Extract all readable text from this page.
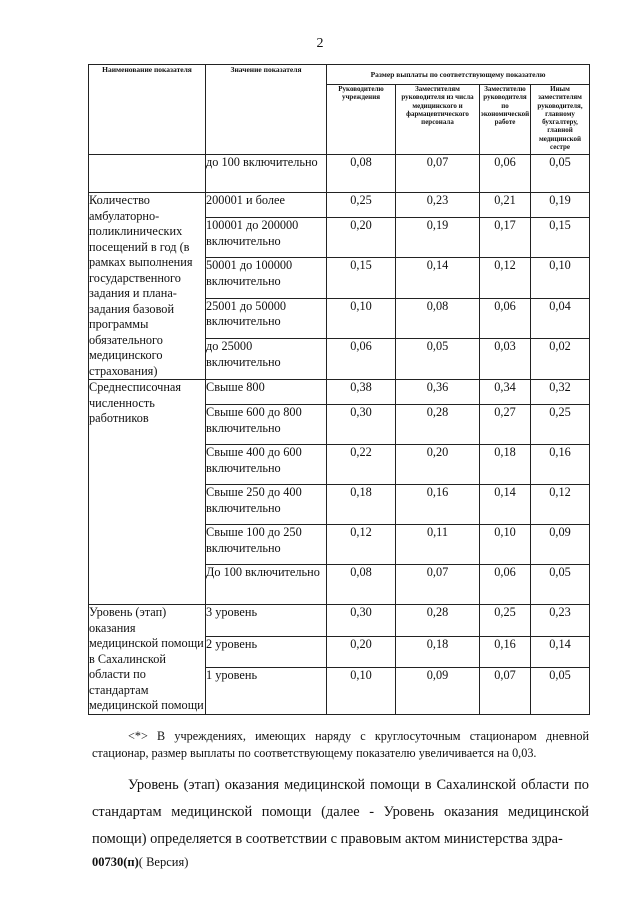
2
Наименование показателя	Значение показателя	Размер выплаты по соответствующему показателю			
		Руководителю учреждения	Заместителям руководителя из числа медицинского и фармацевтического персонала	Заместителю руководителя по экономической работе	Иным заместителям руководителя, главному бухгалтеру, главной медицинской сестре
	до 100 включительно	0,08	0,07	0,06	0,05
Количество амбулаторно-поликлинических посещений в год (в рамках выполнения государственного задания и плана-задания базовой программы обязательного медицинского страхования)	200001 и более	0,25	0,23	0,21	0,19
	100001 до 200000 включительно	0,20	0,19	0,17	0,15
	50001 до 100000 включительно	0,15	0,14	0,12	0,10
	25001 до 50000 включительно	0,10	0,08	0,06	0,04
	до 25000 включительно	0,06	0,05	0,03	0,02
Среднесписочная численность работников	Свыше 800	0,38	0,36	0,34	0,32
	Свыше 600 до 800 включительно	0,30	0,28	0,27	0,25
	Свыше 400 до 600 включительно	0,22	0,20	0,18	0,16
	Свыше 250 до 400 включительно	0,18	0,16	0,14	0,12
	Свыше 100 до 250 включительно	0,12	0,11	0,10	0,09
	До 100 включительно	0,08	0,07	0,06	0,05
Уровень (этап) оказания медицинской помощи в Сахалинской области по стандартам медицинской помощи	3 уровень	0,30	0,28	0,25	0,23
	2 уровень	0,20	0,18	0,16	0,14
	1 уровень	0,10	0,09	0,07	0,05
<*> В учреждениях, имеющих наряду с круглосуточным стационаром дневной стационар, размер выплаты по соответствующему показателю увеличивается на 0,03.
Уровень (этап) оказания медицинской помощи в Сахалинской области по стандартам медицинской помощи (далее - Уровень оказания медицинской помощи) определяется в соответствии с правовым актом министерства здра-
00730(п)( Версия)
